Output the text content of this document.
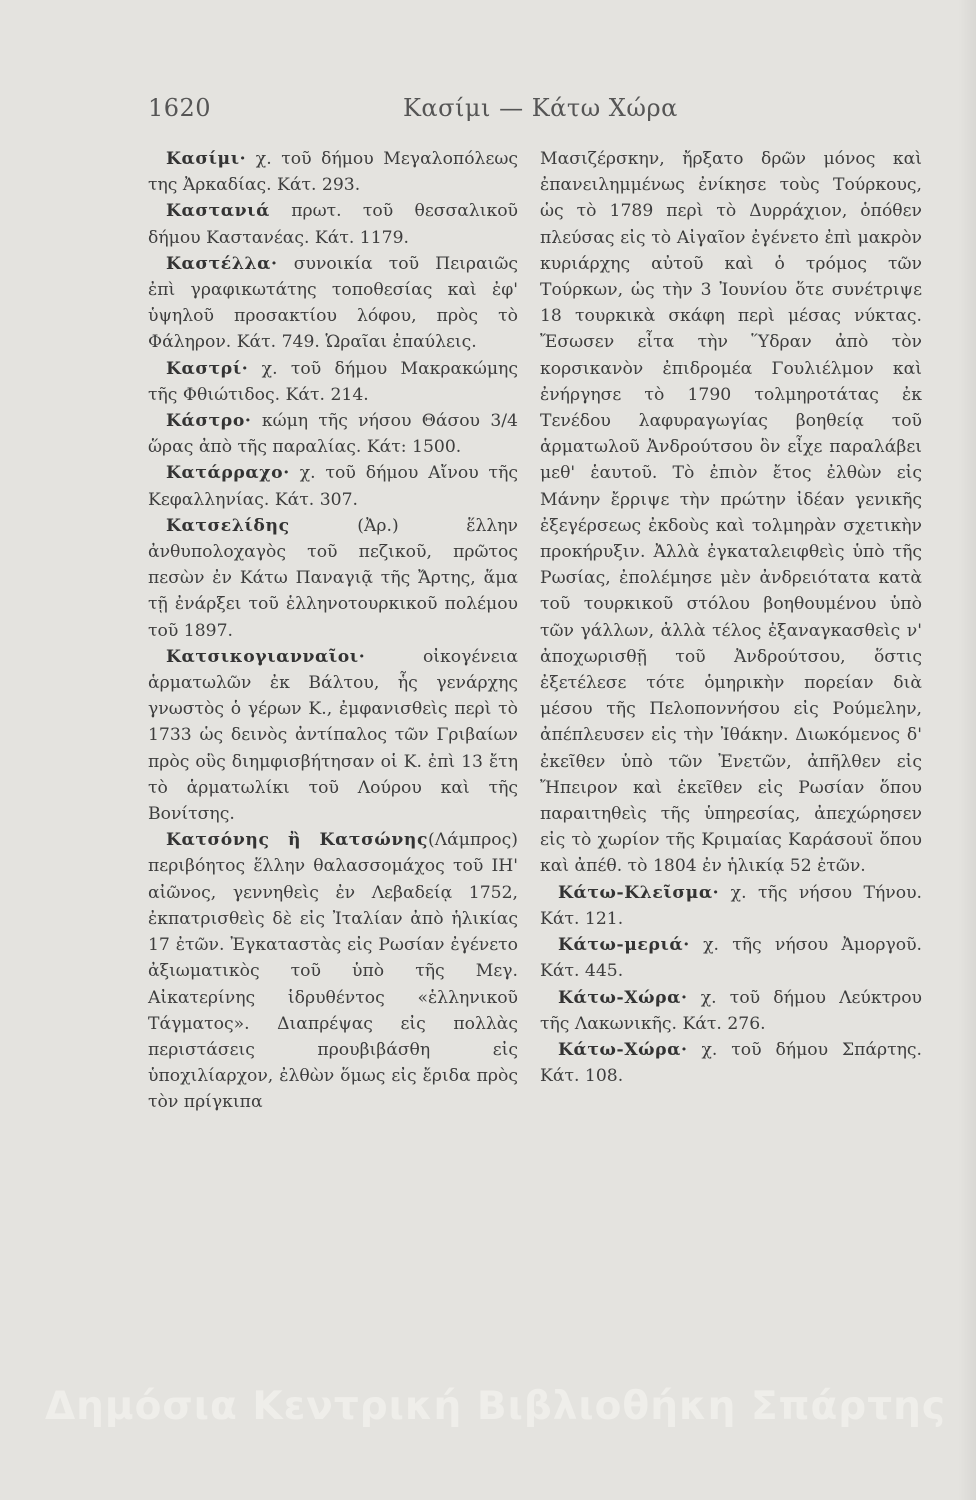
1620	Κασίμι — Κάτω Χώρα

Κασίμι· χ. τοῦ δήμου Μεγαλοπόλεως της Ἀρκαδίας. Κάτ. 293.

Καστανιά πρωτ. τοῦ θεσσαλικοῦ δήμου Καστανέας. Κάτ. 1179.

Καστέλλα· συνοικία τοῦ Πειραιῶς ἐπὶ γραφικωτάτης τοποθεσίας καὶ ἐφ' ὑψηλοῦ προσακτίου λόφου, πρὸς τὸ Φάληρον. Κάτ. 749. Ὡραῖαι ἐπαύλεις.

Καστρί· χ. τοῦ δήμου Μακρακώμης τῆς Φθιώτιδος. Κάτ. 214.

Κάστρο· κώμη τῆς νήσου Θάσου 3/4 ὥρας ἀπὸ τῆς παραλίας. Κάτ: 1500.

Κατάρραχο· χ. τοῦ δήμου Αἴνου τῆς Κεφαλληνίας. Κάτ. 307.

Κατσελίδης (Ἀρ.) ἕλλην ἀνθυπολοχαγὸς τοῦ πεζικοῦ, πρῶτος πεσὼν ἐν Κάτω Παναγιᾷ τῆς Ἄρτης, ἅμα τῇ ἐνάρξει τοῦ ἑλληνοτουρκικοῦ πολέμου τοῦ 1897.

Κατσικογιανναῖοι· οἰκογένεια ἁρματωλῶν ἐκ Βάλτου, ἧς γενάρχης γνωστὸς ὁ γέρων Κ., ἐμφανισθεὶς περὶ τὸ 1733 ὡς δεινὸς ἀντίπαλος τῶν Γριβαίων πρὸς οὓς διημφισβήτησαν οἱ Κ. ἐπὶ 13 ἔτη τὸ ἁρματωλίκι τοῦ Λούρου καὶ τῆς Βονίτσης.

Κατσόνης ἢ Κατσώνης(Λάμπρος) περιβόητος ἕλλην θαλασσομάχος τοῦ ΙΗ' αἰῶνος, γεννηθεὶς ἐν Λεβαδείᾳ 1752, ἐκπατρισθεὶς δὲ εἰς Ἰταλίαν ἀπὸ ἡλικίας 17 ἐτῶν. Ἐγκαταστὰς εἰς Ρωσίαν ἐγένετο ἀξιωματικὸς τοῦ ὑπὸ τῆς Μεγ. Αἰκατερίνης ἱδρυθέντος «ἑλληνικοῦ Τάγματος». Διαπρέψας εἰς πολλὰς περιστάσεις προυβιβάσθη εἰς ὑποχιλίαρχον, ἐλθὼν ὅμως εἰς ἔριδα πρὸς τὸν πρίγκιπα

Μασιζέρσκην, ἤρξατο δρῶν μόνος καὶ ἐπανειλημμένως ἐνίκησε τοὺς Τούρκους, ὡς τὸ 1789 περὶ τὸ Δυρράχιον, ὁπόθεν πλεύσας εἰς τὸ Αἰγαῖον ἐγένετο ἐπὶ μακρὸν κυριάρχης αὐτοῦ καὶ ὁ τρόμος τῶν Τούρκων, ὡς τὴν 3 Ἰουνίου ὅτε συνέτριψε 18 τουρκικὰ σκάφη περὶ μέσας νύκτας. Ἔσωσεν εἶτα τὴν Ὕδραν ἀπὸ τὸν κορσικανὸν ἐπιδρομέα Γουλιέλμον καὶ ἐνήργησε τὸ 1790 τολμηροτάτας ἐκ Τενέδου λαφυραγωγίας βοηθείᾳ τοῦ ἁρματωλοῦ Ἀνδρούτσου ὃν εἶχε παραλάβει μεθ' ἑαυτοῦ. Τὸ ἐπιὸν ἔτος ἐλθὼν εἰς Μάνην ἔρριψε τὴν πρώτην ἰδέαν γενικῆς ἐξεγέρσεως ἐκδοὺς καὶ τολμηρὰν σχετικὴν προκήρυξιν. Ἀλλὰ ἐγκαταλειφθεὶς ὑπὸ τῆς Ρωσίας, ἐπολέμησε μὲν ἀνδρειότατα κατὰ τοῦ τουρκικοῦ στόλου βοηθουμένου ὑπὸ τῶν γάλλων, ἀλλὰ τέλος ἐξαναγκασθεὶς ν' ἀποχωρισθῇ τοῦ Ἀνδρούτσου, ὅστις ἐξετέλεσε τότε ὁμηρικὴν πορείαν διὰ μέσου τῆς Πελοποννήσου εἰς Ρούμελην, ἀπέπλευσεν εἰς τὴν Ἰθάκην. Διωκόμενος δ' ἐκεῖθεν ὑπὸ τῶν Ἐνετῶν, ἀπῆλθεν εἰς Ἤπειρον καὶ ἐκεῖθεν εἰς Ρωσίαν ὅπου παραιτηθεὶς τῆς ὑπηρεσίας, ἀπεχώρησεν εἰς τὸ χωρίον τῆς Κριμαίας Καράσουϊ ὅπου καὶ ἀπέθ. τὸ 1804 ἐν ἡλικίᾳ 52 ἐτῶν.

Κάτω-Κλεῖσμα· χ. τῆς νήσου Τήνου. Κάτ. 121.

Κάτω-μεριά· χ. τῆς νήσου Ἀμοργοῦ. Κάτ. 445.

Κάτω-Χώρα· χ. τοῦ δήμου Λεύκτρου τῆς Λακωνικῆς. Κάτ. 276.

Κάτω-Χώρα· χ. τοῦ δήμου Σπάρτης. Κάτ. 108.

Δημόσια Κεντρική Βιβλιοθήκη Σπάρτης
